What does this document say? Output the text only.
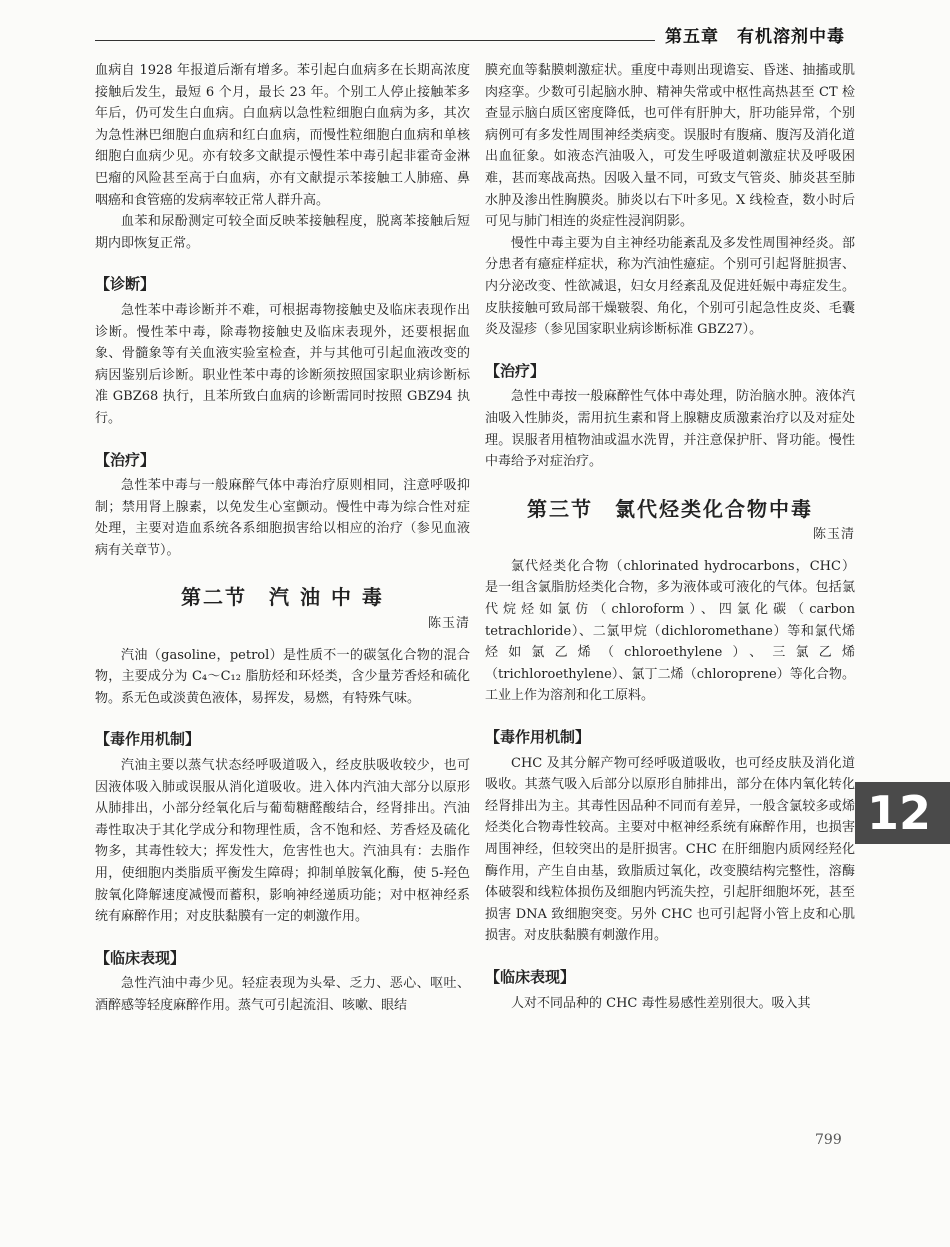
第五章　有机溶剂中毒

血病自 1928 年报道后渐有增多。苯引起白血病多在长期高浓度接触后发生，最短 6 个月，最长 23 年。个别工人停止接触苯多年后，仍可发生白血病。白血病以急性粒细胞白血病为多，其次为急性淋巴细胞白血病和红白血病，而慢性粒细胞白血病和单核细胞白血病少见。亦有较多文献提示慢性苯中毒引起非霍奇金淋巴瘤的风险甚至高于白血病，亦有文献提示苯接触工人肺癌、鼻咽癌和食管癌的发病率较正常人群升高。

血苯和尿酚测定可较全面反映苯接触程度，脱离苯接触后短期内即恢复正常。

【诊断】

急性苯中毒诊断并不难，可根据毒物接触史及临床表现作出诊断。慢性苯中毒，除毒物接触史及临床表现外，还要根据血象、骨髓象等有关血液实验室检查，并与其他可引起血液改变的病因鉴别后诊断。职业性苯中毒的诊断须按照国家职业病诊断标准 GBZ68 执行，且苯所致白血病的诊断需同时按照 GBZ94 执行。

【治疗】

急性苯中毒与一般麻醉气体中毒治疗原则相同，注意呼吸抑制；禁用肾上腺素，以免发生心室颤动。慢性中毒为综合性对症处理，主要对造血系统各系细胞损害给以相应的治疗（参见血液病有关章节）。

第二节　汽 油 中 毒
陈玉清

汽油（gasoline，petrol）是性质不一的碳氢化合物的混合物，主要成分为 C₄～C₁₂ 脂肪烃和环烃类，含少量芳香烃和硫化物。系无色或淡黄色液体，易挥发，易燃，有特殊气味。

【毒作用机制】

汽油主要以蒸气状态经呼吸道吸入，经皮肤吸收较少，也可因液体吸入肺或误服从消化道吸收。进入体内汽油大部分以原形从肺排出，小部分经氧化后与葡萄糖醛酸结合，经肾排出。汽油毒性取决于其化学成分和物理性质，含不饱和烃、芳香烃及硫化物多，其毒性较大；挥发性大，危害性也大。汽油具有：去脂作用，使细胞内类脂质平衡发生障碍；抑制单胺氧化酶，使 5-羟色胺氧化降解速度减慢而蓄积，影响神经递质功能；对中枢神经系统有麻醉作用；对皮肤黏膜有一定的刺激作用。

【临床表现】

急性汽油中毒少见。轻症表现为头晕、乏力、恶心、呕吐、酒醉感等轻度麻醉作用。蒸气可引起流泪、咳嗽、眼结

膜充血等黏膜刺激症状。重度中毒则出现谵妄、昏迷、抽搐或肌肉痉挛。少数可引起脑水肿、精神失常或中枢性高热甚至 CT 检查显示脑白质区密度降低，也可伴有肝肿大，肝功能异常，个别病例可有多发性周围神经类病变。误服时有腹痛、腹泻及消化道出血征象。如液态汽油吸入，可发生呼吸道刺激症状及呼吸困难，甚而寒战高热。因吸入量不同，可致支气管炎、肺炎甚至肺水肿及渗出性胸膜炎。肺炎以右下叶多见。X 线检查，数小时后可见与肺门相连的炎症性浸润阴影。

慢性中毒主要为自主神经功能紊乱及多发性周围神经炎。部分患者有癔症样症状，称为汽油性癔症。个别可引起肾脏损害、内分泌改变、性欲减退，妇女月经紊乱及促进妊娠中毒症发生。皮肤接触可致局部干燥皲裂、角化，个别可引起急性皮炎、毛囊炎及湿疹（参见国家职业病诊断标准 GBZ27）。

【治疗】

急性中毒按一般麻醉性气体中毒处理，防治脑水肿。液体汽油吸入性肺炎，需用抗生素和肾上腺糖皮质激素治疗以及对症处理。误服者用植物油或温水洗胃，并注意保护肝、肾功能。慢性中毒给予对症治疗。

第三节　氯代烃类化合物中毒
陈玉清

氯代烃类化合物（chlorinated hydrocarbons，CHC）是一组含氯脂肪烃类化合物，多为液体或可液化的气体。包括氯代烷烃如氯仿（chloroform）、四氯化碳（carbon tetrachloride）、二氯甲烷（dichloromethane）等和氯代烯烃如氯乙烯（chloroethylene）、三氯乙烯（trichloroethylene）、氯丁二烯（chloroprene）等化合物。工业上作为溶剂和化工原料。

【毒作用机制】

CHC 及其分解产物可经呼吸道吸收，也可经皮肤及消化道吸收。其蒸气吸入后部分以原形自肺排出，部分在体内氧化转化经肾排出为主。其毒性因品种不同而有差异，一般含氯较多或烯烃类化合物毒性较高。主要对中枢神经系统有麻醉作用，也损害周围神经，但较突出的是肝损害。CHC 在肝细胞内质网经羟化酶作用，产生自由基，致脂质过氧化，改变膜结构完整性，溶酶体破裂和线粒体损伤及细胞内钙流失控，引起肝细胞坏死，甚至损害 DNA 致细胞突变。另外 CHC 也可引起肾小管上皮和心肌损害。对皮肤黏膜有刺激作用。

【临床表现】

人对不同品种的 CHC 毒性易感性差别很大。吸入其

12
799
